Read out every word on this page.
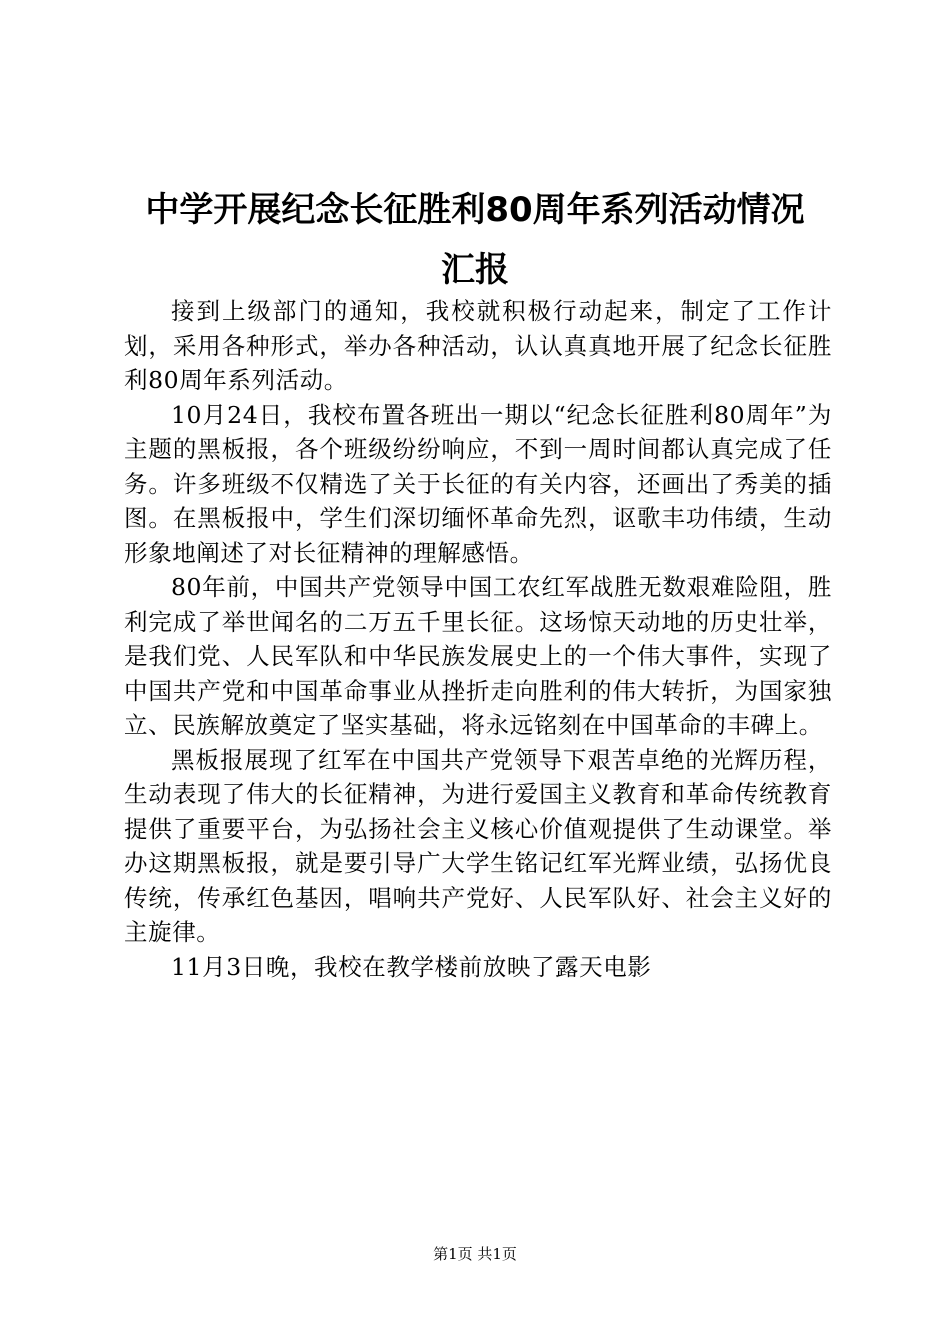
中学开展纪念长征胜利80周年系列活动情况
汇报

接到上级部门的通知，我校就积极行动起来，制定了工作计划，采用各种形式，举办各种活动，认认真真地开展了纪念长征胜利80周年系列活动。

10月24日，我校布置各班出一期以“纪念长征胜利80周年”为主题的黑板报，各个班级纷纷响应，不到一周时间都认真完成了任务。许多班级不仅精选了关于长征的有关内容，还画出了秀美的插图。在黑板报中，学生们深切缅怀革命先烈，讴歌丰功伟绩，生动形象地阐述了对长征精神的理解感悟。

80年前，中国共产党领导中国工农红军战胜无数艰难险阻，胜利完成了举世闻名的二万五千里长征。这场惊天动地的历史壮举，是我们党、人民军队和中华民族发展史上的一个伟大事件，实现了中国共产党和中国革命事业从挫折走向胜利的伟大转折，为国家独立、民族解放奠定了坚实基础，将永远铭刻在中国革命的丰碑上。

黑板报展现了红军在中国共产党领导下艰苦卓绝的光辉历程，生动表现了伟大的长征精神，为进行爱国主义教育和革命传统教育提供了重要平台，为弘扬社会主义核心价值观提供了生动课堂。举办这期黑板报，就是要引导广大学生铭记红军光辉业绩，弘扬优良传统，传承红色基因，唱响共产党好、人民军队好、社会主义好的主旋律。

11月3日晚，我校在教学楼前放映了露天电影

第1页 共1页
